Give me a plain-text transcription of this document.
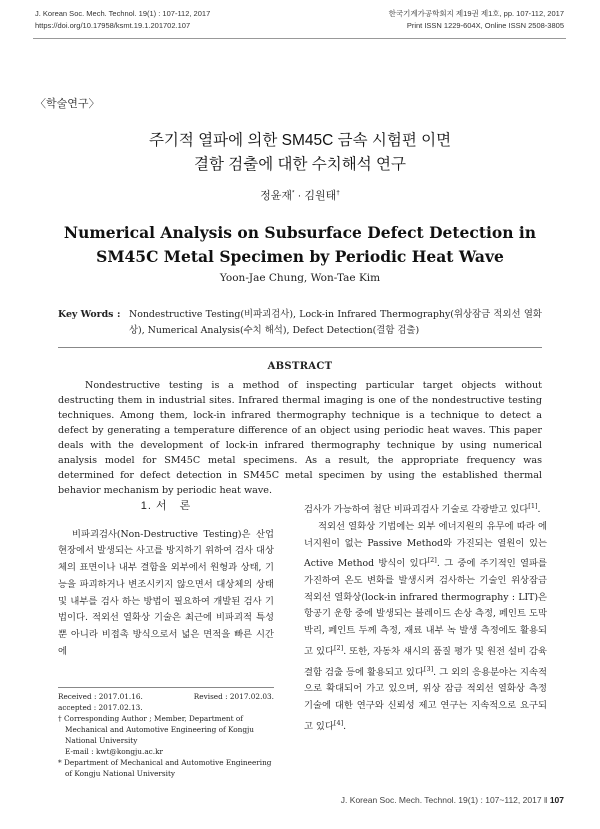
J. Korean Soc. Mech. Technol. 19(1) : 107-112, 2017
https://doi.org/10.17958/ksmt.19.1.201702.107
한국기계가공학회지 제19권 제1호, pp. 107-112, 2017
Print ISSN 1229-604X, Online ISSN 2508-3805
〈학술연구〉
주기적 열파에 의한 SM45C 금속 시험편 이면
결함 검출에 대한 수치해석 연구
정윤재* · 김원태†
Numerical Analysis on Subsurface Defect Detection in
SM45C Metal Specimen by Periodic Heat Wave
Yoon-Jae Chung, Won-Tae Kim
Key Words : Nondestructive Testing(비파괴검사), Lock-in Infrared Thermography(위상잠금 적외선 열화상), Numerical Analysis(수치 해석), Defect Detection(결함 검출)
ABSTRACT
Nondestructive testing is a method of inspecting particular target objects without destructing them in industrial sites. Infrared thermal imaging is one of the nondestructive testing techniques. Among them, lock-in infrared thermography technique is a technique to detect a defect by generating a temperature difference of an object using periodic heat waves. This paper deals with the development of lock-in infrared thermography technique by using numerical analysis model for SM45C metal specimens. As a result, the appropriate frequency was determined for defect detection in SM45C metal specimen by using the established thermal behavior mechanism by periodic heat wave.
1. 서　론
비파괴검사(Non-Destructive Testing)은 산업현장에서 발생되는 사고를 방지하기 위하여 검사 대상체의 표면이나 내부 결함을 외부에서 원형과 상태, 기능을 파괴하거나 변조시키지 않으면서 대상체의 상태 및 내부를 검사 하는 방법이 필요하여 개발된 검사 기법이다. 적외선 열화상 기술은 최근에 비파괴적 특성뿐 아니라 비접촉 방식으로서 넓은 면적을 빠른 시간에
검사가 가능하여 첨단 비파괴검사 기술로 각광받고 있다[1].
적외선 열화상 기법에는 외부 에너지원의 유무에 따라 에너지원이 없는 Passive Method와 가진되는 열원이 있는 Active Method 방식이 있다[2]. 그 중에 주기적인 열파를 가진하여 온도 변화를 발생시켜 검사하는 기술인 위상잠금 적외선 열화상(lock-in infrared thermography : LIT)은 항공기 운항 중에 발생되는 블레이드 손상 측정, 페인트 도막 박리, 페인트 두께 측정, 재료 내부 녹 발생 측정에도 활용되고 있다[2]. 또한, 자동차 섀시의 품질 평가 및 원전 설비 감육 결함 검출 등에 활용되고 있다[3]. 그 외의 응용분야는 지속적으로 확대되어 가고 있으며, 위상 잠금 적외선 열화상 측정 기술에 대한 연구와 신뢰성 제고 연구는 지속적으로 요구되고 있다[4].
Received : 2017.01.16.	Revised : 2017.02.03.
accepted : 2017.02.13.
† Corresponding Author ; Member, Department of Mechanical and Automotive Engineering of Kongju National University
E-mail : kwt@kongju.ac.kr
* Department of Mechanical and Automotive Engineering of Kongju National University
J. Korean Soc. Mech. Technol. 19(1) : 107~112, 2017 ‖ 107
